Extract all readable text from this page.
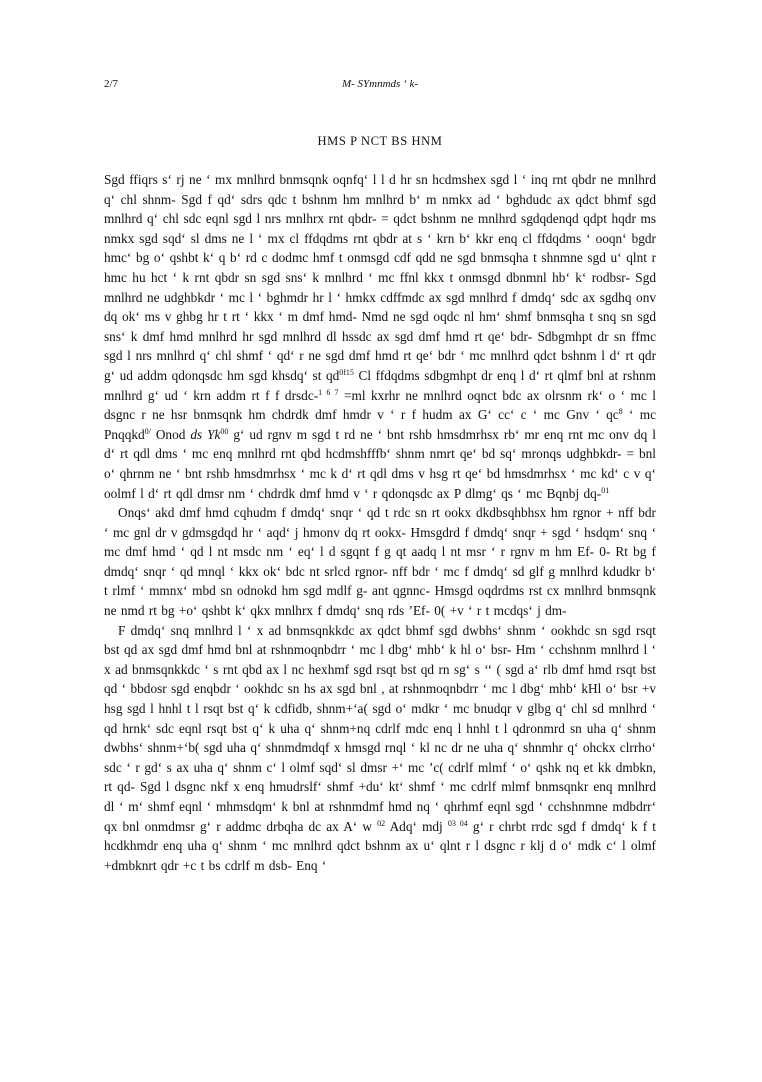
2/7	M- SYmnmds ‘ k-
HMS P NCT BS HNM

Sgd ffiqrs s‘ rj ne ‘ mx mnlhrd bnmsqnk oqnfq‘ l l d hr sn hcdmshex sgd l ‘ inq rnt qbdr ne mnlhrd q‘ chl shnm- Sgd f qd‘ sdrs qdc t bshnm hm mnlhrd b‘ m nmkx ad ‘ bghdudc ax qdct bhmf sgd mnlhrd q‘ chl sdc eqnl sgd l nrs mnlhrx rnt qbdr- = qdct bshnm ne mnlhrd sgdqdenqd qdpt hqdr ms nmkx sgd sqd‘ sl dms ne l ‘ mx cl ffdqdms rnt qbdr at s ‘ krn b‘ kkr enq cl ffdqdms ‘ ooqn‘ bgdr hmc‘ bg o‘ qshbt k‘ q b‘ rd c dodmc hmf t onmsgd cdf qdd ne sgd bnmsqha t shnmne sgd u‘ qlnt r hmc hu hct ‘ k rnt qbdr sn sgd sns‘ k mnlhrd ‘ mc ffnl kkx t onmsgd dbnmnl hb‘ k‘ rodbsr- Sgd mnlhrd ne udghbkdr ‘ mc l ‘ bghmdr hr l ‘ hmkx cdffmdc ax sgd mnlhrd f dmdq‘ sdc ax sgdhq onv dq ok‘ ms v ghbg hr t rt ‘ kkx ‘ m dmf hmd- Nmd ne sgd oqdc nl hm‘ shmf bnmsqha t snq sn sgd sns‘ k dmf hmd mnlhrd hr sgd mnlhrd dl hssdc ax sgd dmf hmd rt qe‘ bdr- Sdbgmhpt dr sn ffmc sgd l nrs mnlhrd q‘ chl shmf ‘ qd‘ r ne sgd dmf hmd rt qe‘ bdr ‘ mc mnlhrd qdct bshnm l d‘ rt qdr g‘ ud addm qdonqsdc hm sgd khsdq‘ st $qd^{0f15}$ Cl ffdqdms sdbgmhpt dr enq l d‘ rt qlmf bnl at rshnm mnlhrd g‘ ud ‘ krn addm rt f f drsdc-$^{1 6 7}$ =ml kxrhr ne mnlhrd oqnct bdc ax olrsnm rk‘ o ‘ mc l dsgnc r ne hsr bnmsqnk hm chdrdk dmf hmdr v ‘ r f hudm ax G‘ cc‘ c ‘ mc Gnv ‘ $qc^8$ ‘ mc Pnqqkd$^{0/}$ Onod ds Yk$^{00}$ g‘ ud rgnv m sgd t rd ne ‘ bnt rshb hmsdmrhsx rb‘ mr enq rnt mc onv dq l d‘ rt qdl dms ‘ mc enq mnlhrd rnt qbd hcdmshfffb‘ shnm nmrt qe‘ bd sq‘ mronqs udghbkdr- = bnl o‘ qhrnm ne ‘ bnt rshb hmsdmrhsx ‘ mc k d‘ rt qdl dms v hsg rt qe‘ bd hmsdmrhsx ‘ mc kd‘ c v q‘ oolmf l d‘ rt qdl dmsr nm ‘ chdrdk dmf hmd v ‘ r qdonqsdc ax P dlmg‘ qs ‘ mc Bqnbj dq-$^{01}$

Onqs‘ akd dmf hmd cqhudm f dmdq‘ snqr ‘ qd t rdc sn rt ookx dkdbsqhbhsx hm rgnor + nff bdr ‘ mc gnl dr v gdmsgdqd hr ‘ aqd‘ j hmonv dq rt ookx- Hmsgdrd f dmdq‘ snqr + sgd ‘ hsdqm‘ snq ‘ mc dmf hmd ‘ qd l nt msdc nm ‘ eq‘ l d sgqnt f g qt aadq l nt msr ‘ r rgnv m hm Ef- 0- Rt bg f dmdq‘ snqr ‘ qd mnql ‘ kkx ok‘ bdc nt srlcd rgnor- nff bdr ‘ mc f dmdq‘ sd glf g mnlhrd kdudkr b‘ t rlmf ‘ mmnx‘ mbd sn odnokd hm sgd mdlf g- ant qgnnc- Hmsgd oqdrdms rst cx mnlhrd bnmsqnk ne nmd rt bg +o‘ qshbt k‘ qkx mnlhrx f dmdq‘ snq rds ’Ef- 0( +v ‘ r t mcdqs‘ j dm-

F dmdq‘ snq mnlhrd l ‘ x ad bnmsqnkkdc ax qdct bhmf sgd dwbhs‘ shnm ‘ ookhdc sn sgd rsqt bst qd ax sgd dmf hmd bnl at rshnmoqnbdrr ‘ mc l dbg‘ mhb‘ k hl o‘ bsr- Hm ‘ cchshnm mnlhrd l ‘ x ad bnmsqnkkdc ‘ s rnt qbd ax l nc hexhmf sgd rsqt bst qd rn sg‘ s ‘‘ ( sgd a‘ rlb dmf hmd rsqt bst qd ‘ bbdosr sgd enqbdr ‘ ookhdc sn hs ax sgd bnl , at rshnmoqnbdrr ‘ mc l dbg‘ mhb‘ kHl o‘ bsr +v hsg sgd l hnhl t l rsqt bst q‘ k cdfidb, shnm+‘a( sgd o‘ mdkr ‘ mc bnudqr v glbg q‘ chl sd mnlhrd ‘ qd hrnk‘ sdc eqnl rsqt bst q‘ k uha q‘ shnm+nq cdrlf mdc enq l hnhl t l qdronmrd sn uha q‘ shnm dwbhs‘ shnm+‘b( sgd uha q‘ shnmdmdqf x hmsgd rnql ‘ kl nc dr ne uha q‘ shnmhr q‘ ohckx clrrho‘ sdc ‘ r gd‘ s ax uha q‘ shnm c‘ l olmf sqd‘ sl dmsr +‘ mc ’c( cdrlf mlmf ‘ o‘ qshk nq et kk dmbkn, rt qd- Sgd l dsgnc nkf x enq hmudrslf‘ shmf +du‘ kt‘ shmf ‘ mc cdrlf mlmf bnmsqnkr enq mnlhrd dl ‘ m‘ shmf eqnl ‘ mhmsdqm‘ k bnl at rshnmdmf hmd nq ‘ qhrhmf eqnl sgd ‘ cchshnmne mdbdrr‘ qx bnl onmdmsr g‘ r addmc drbqha dc ax A‘ w $^{02}$ Adq‘ mdj $^{03 04}$ g‘ r chrbt rrdc sgd f dmdq‘ k f t hcdkhmdr enq uha q‘ shnm ‘ mc mnlhrd qdct bshnm ax u‘ qlnt r l dsgnc r klj d o‘ mdk c‘ l olmf +dmbknrt qdr +c t bs cdrlf m dsb- Enq ‘
